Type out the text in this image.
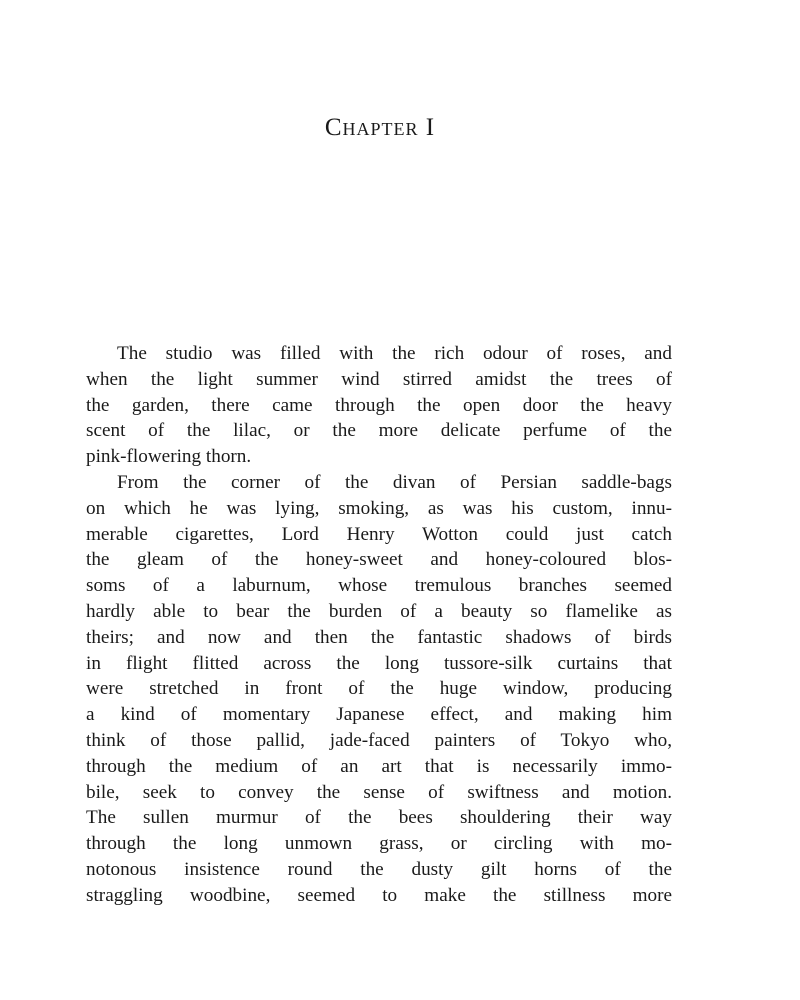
Chapter I

The studio was filled with the rich odour of roses, and
when the light summer wind stirred amidst the trees of
the garden, there came through the open door the heavy
scent of the lilac, or the more delicate perfume of the
pink-flowering thorn.

From the corner of the divan of Persian saddle-bags
on which he was lying, smoking, as was his custom, innu-
merable cigarettes, Lord Henry Wotton could just catch
the gleam of the honey-sweet and honey-coloured blos-
soms of a laburnum, whose tremulous branches seemed
hardly able to bear the burden of a beauty so flamelike as
theirs; and now and then the fantastic shadows of birds
in flight flitted across the long tussore-silk curtains that
were stretched in front of the huge window, producing
a kind of momentary Japanese effect, and making him
think of those pallid, jade-faced painters of Tokyo who,
through the medium of an art that is necessarily immo-
bile, seek to convey the sense of swiftness and motion.
The sullen murmur of the bees shouldering their way
through the long unmown grass, or circling with mo-
notonous insistence round the dusty gilt horns of the
straggling woodbine, seemed to make the stillness more
